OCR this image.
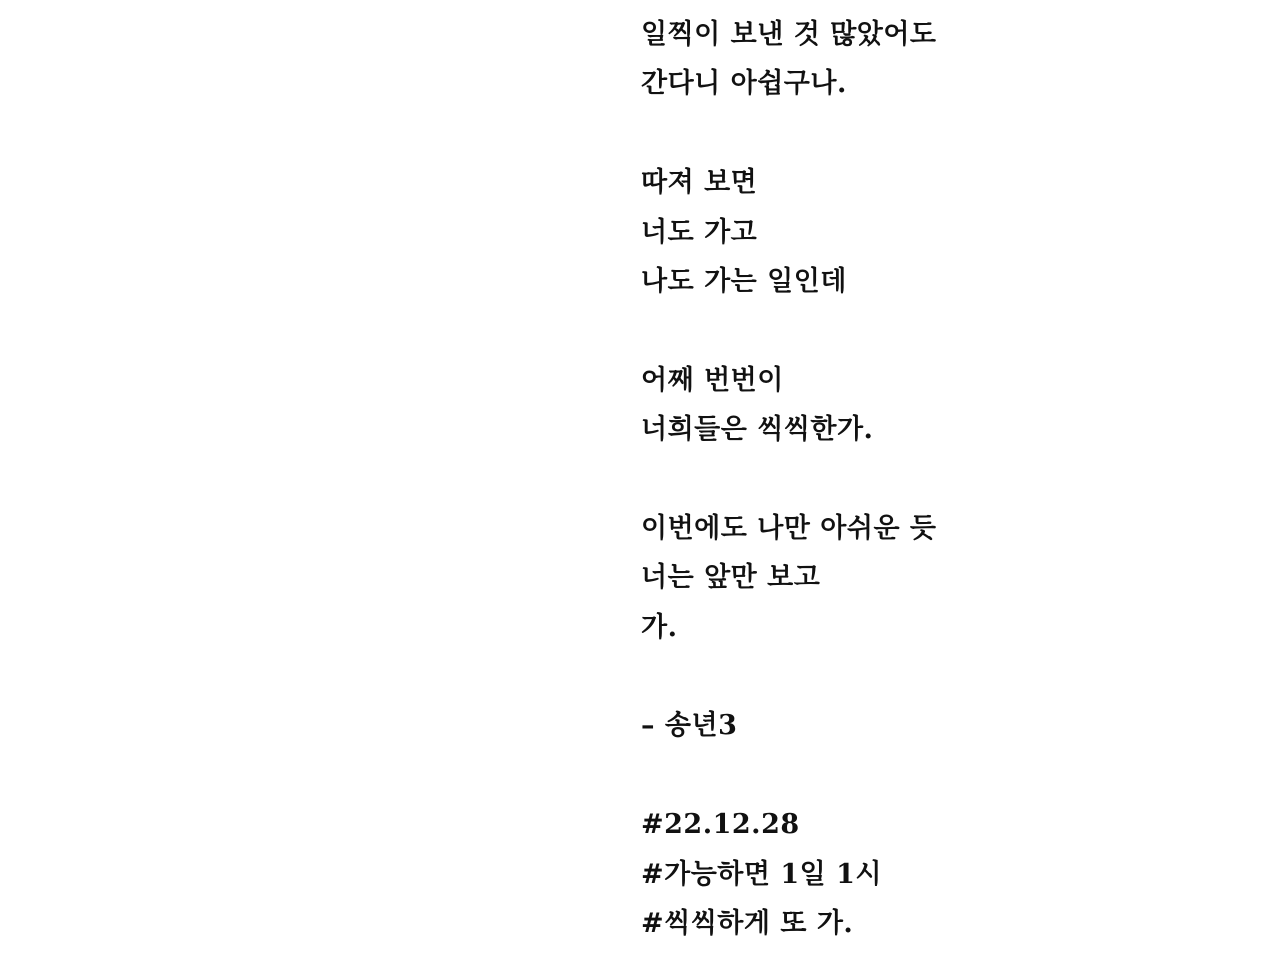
일찍이 보낸 것 많았어도
간다니 아쉽구나.
따져 보면
너도 가고
나도 가는 일인데
어째 번번이
너희들은 씩씩한가.
이번에도 나만 아쉬운 듯
너는 앞만 보고
가.
– 송년3
#22.12.28
#가능하면 1일 1시
#씩씩하게 또 가.
